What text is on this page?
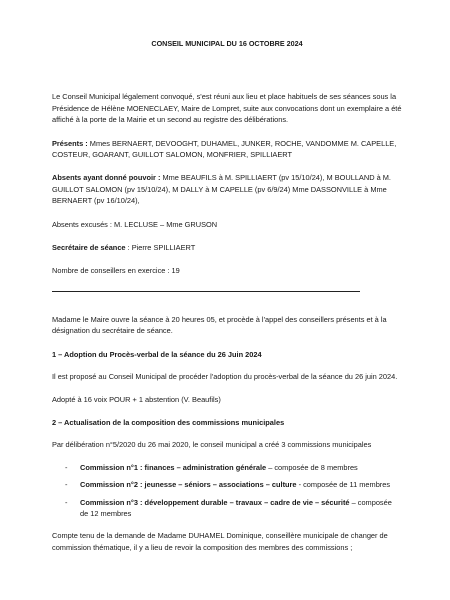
CONSEIL MUNICIPAL DU 16 OCTOBRE 2024

Le Conseil Municipal légalement convoqué, s'est réuni aux lieu et place habituels de ses séances sous la Présidence de Hélène MOENECLAEY, Maire de Lompret, suite aux convocations dont un exemplaire a été affiché à la porte de la Mairie et un second au registre des délibérations.

Présents : Mmes BERNAERT, DEVOOGHT, DUHAMEL, JUNKER, ROCHE, VANDOMME M. CAPELLE, COSTEUR, GOARANT, GUILLOT SALOMON, MONFRIER, SPILLIAERT

Absents ayant donné pouvoir : Mme BEAUFILS à M. SPILLIAERT (pv 15/10/24), M BOULLAND à M. GUILLOT SALOMON (pv 15/10/24), M DALLY à M CAPELLE (pv 6/9/24) Mme DASSONVILLE à Mme BERNAERT (pv 16/10/24),

Absents excusés : M. LECLUSE – Mme GRUSON

Secrétaire de séance : Pierre SPILLIAERT

Nombre de conseillers en exercice : 19

Madame le Maire ouvre la séance à 20 heures 05, et procède à l'appel des conseillers présents et à la désignation du secrétaire de séance.

1 – Adoption du Procès-verbal de la séance du 26 Juin 2024

Il est proposé au Conseil Municipal de procéder l'adoption du procès-verbal de la séance du 26 juin 2024.

Adopté à 16 voix POUR + 1 abstention (V. Beaufils)

2 – Actualisation de la composition des commissions municipales

Par délibération n°5/2020 du 26 mai 2020, le conseil municipal a créé 3 commissions municipales

- Commission n°1 : finances – administration générale – composée de 8 membres
- Commission n°2 : jeunesse – séniors – associations – culture - composée de 11 membres
- Commission n°3 : développement durable – travaux – cadre de vie – sécurité – composée de 12 membres

Compte tenu de la demande de Madame DUHAMEL Dominique, conseillère municipale de changer de commission thématique, il y a lieu de revoir la composition des membres des commissions ;
